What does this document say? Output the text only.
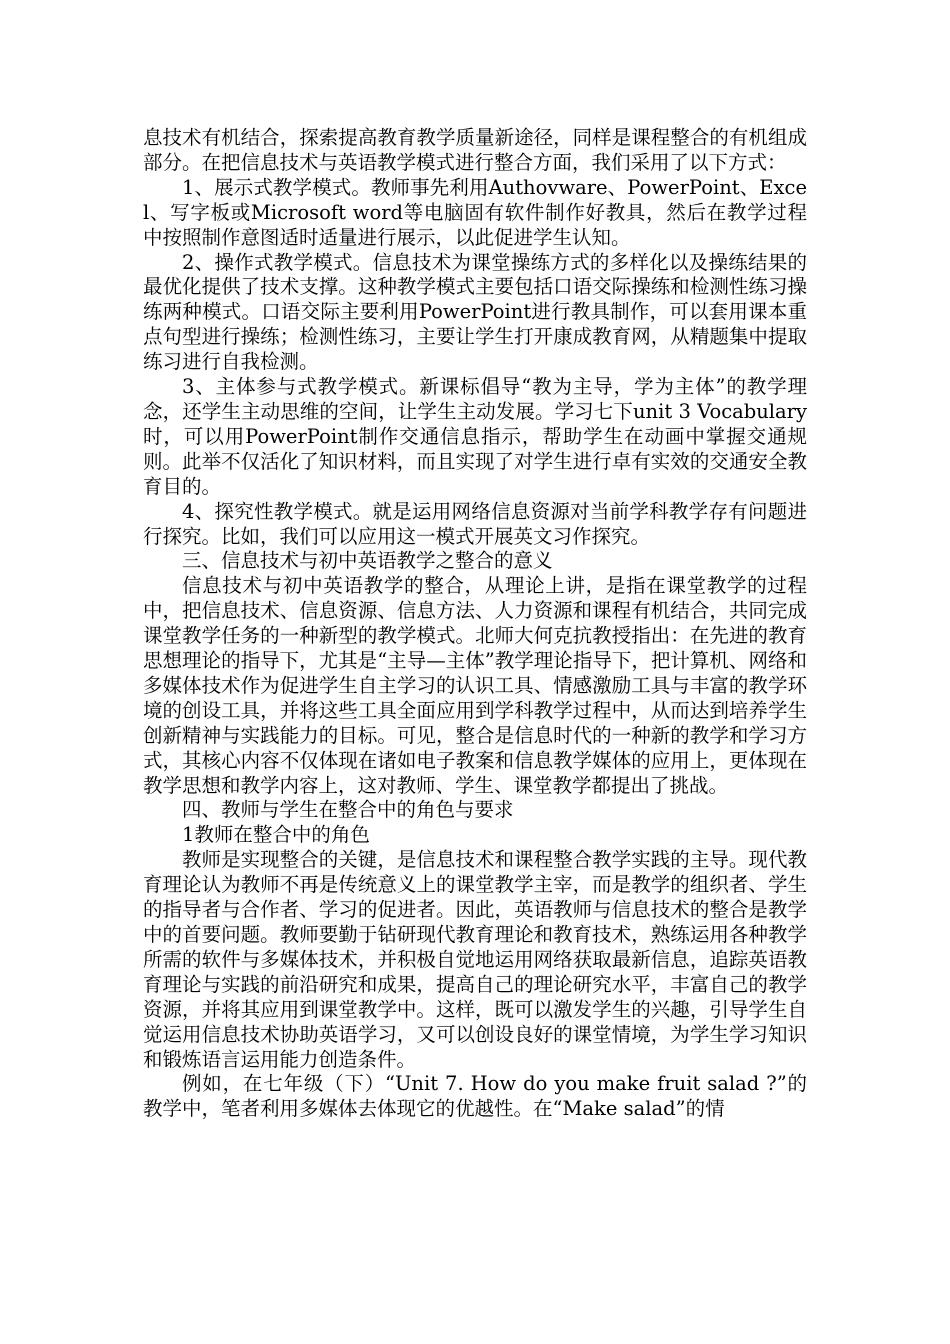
息技术有机结合，探索提高教育教学质量新途径，同样是课程整合的有机组成部分。在把信息技术与英语教学模式进行整合方面，我们采用了以下方式：

1、展示式教学模式。教师事先利用Authovware、PowerPoint、Excel、写字板或Microsoft word等电脑固有软件制作好教具，然后在教学过程中按照制作意图适时适量进行展示，以此促进学生认知。

2、操作式教学模式。信息技术为课堂操练方式的多样化以及操练结果的最优化提供了技术支撑。这种教学模式主要包括口语交际操练和检测性练习操练两种模式。口语交际主要利用PowerPoint进行教具制作，可以套用课本重点句型进行操练；检测性练习，主要让学生打开康成教育网，从精题集中提取练习进行自我检测。

3、主体参与式教学模式。新课标倡导“教为主导，学为主体”的教学理念，还学生主动思维的空间，让学生主动发展。学习七下unit 3 Vocabulary时，可以用PowerPoint制作交通信息指示，帮助学生在动画中掌握交通规则。此举不仅活化了知识材料，而且实现了对学生进行卓有实效的交通安全教育目的。

4、探究性教学模式。就是运用网络信息资源对当前学科教学存有问题进行探究。比如，我们可以应用这一模式开展英文习作探究。

三、信息技术与初中英语教学之整合的意义

信息技术与初中英语教学的整合，从理论上讲，是指在课堂教学的过程中，把信息技术、信息资源、信息方法、人力资源和课程有机结合，共同完成课堂教学任务的一种新型的教学模式。北师大何克抗教授指出：在先进的教育思想理论的指导下，尤其是“主导—主体”教学理论指导下，把计算机、网络和多媒体技术作为促进学生自主学习的认识工具、情感激励工具与丰富的教学环境的创设工具，并将这些工具全面应用到学科教学过程中，从而达到培养学生创新精神与实践能力的目标。可见，整合是信息时代的一种新的教学和学习方式，其核心内容不仅体现在诸如电子教案和信息教学媒体的应用上，更体现在教学思想和教学内容上，这对教师、学生、课堂教学都提出了挑战。

四、教师与学生在整合中的角色与要求

1教师在整合中的角色

教师是实现整合的关键，是信息技术和课程整合教学实践的主导。现代教育理论认为教师不再是传统意义上的课堂教学主宰，而是教学的组织者、学生的指导者与合作者、学习的促进者。因此，英语教师与信息技术的整合是教学中的首要问题。教师要勤于钻研现代教育理论和教育技术，熟练运用各种教学所需的软件与多媒体技术，并积极自觉地运用网络获取最新信息，追踪英语教育理论与实践的前沿研究和成果，提高自己的理论研究水平，丰富自己的教学资源，并将其应用到课堂教学中。这样，既可以激发学生的兴趣，引导学生自觉运用信息技术协助英语学习，又可以创设良好的课堂情境，为学生学习知识和锻炼语言运用能力创造条件。

例如，在七年级（下）“Unit 7. How do you make fruit salad ?”的教学中，笔者利用多媒体去体现它的优越性。在“Make salad”的情
